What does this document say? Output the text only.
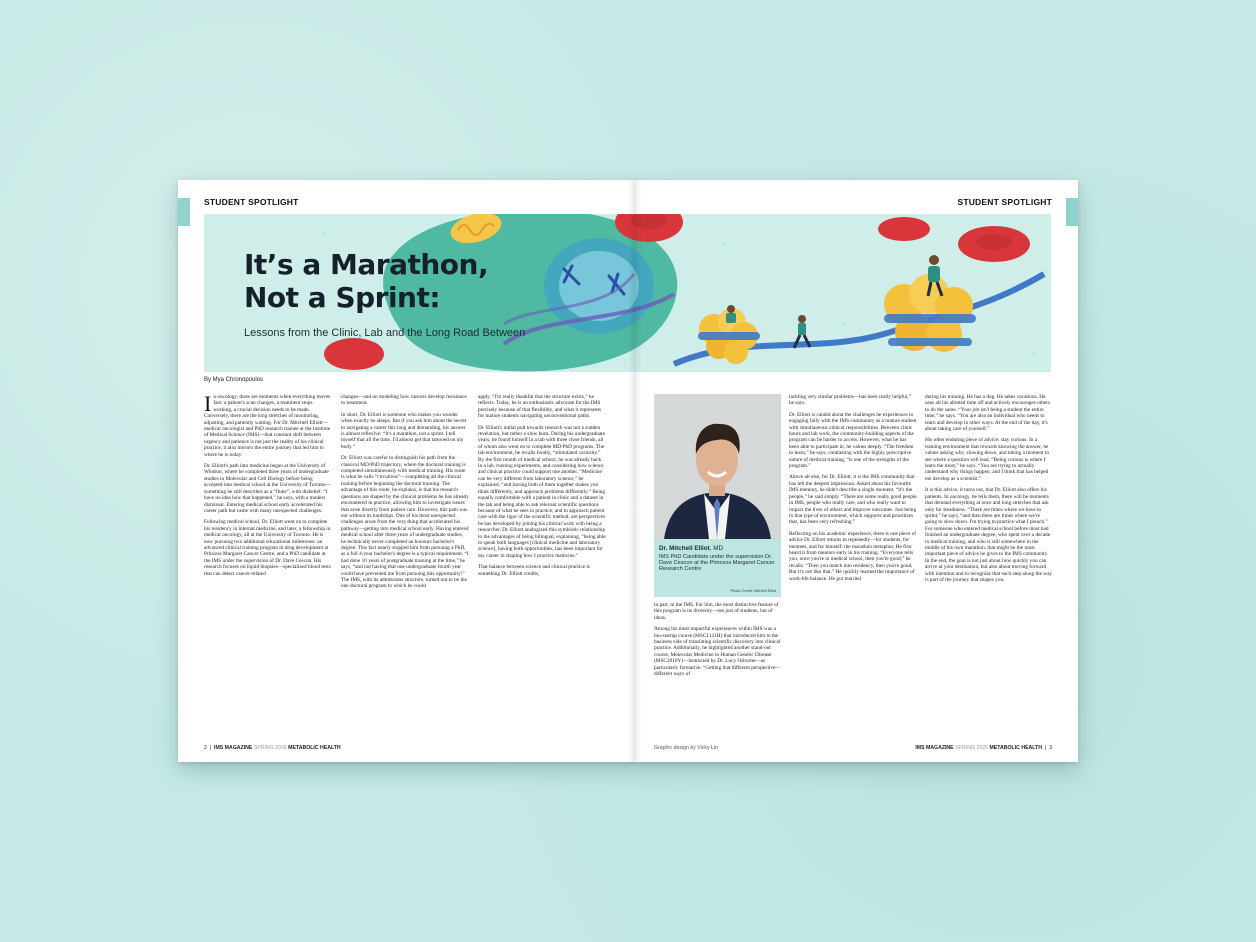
STUDENT SPOTLIGHT	STUDENT SPOTLIGHT
It’s a Marathon,
Not a Sprint:
Lessons from the Clinic, Lab and the Long Road Between
By Mya Chronopoulos

In oncology, there are moments when everything moves fast: a patient's scan changes, a treatment stops working, a crucial decision needs to be made. Conversely, there are the long stretches of monitoring, adjusting, and patiently waiting. For Dr. Mitchell Elliott—medical oncologist and PhD research trainee at the Institute of Medical Science (IMS)—that constant shift between urgency and patience is not just the reality of his clinical practice, it also mirrors the entire journey that led him to where he is today.

Dr. Elliott's path into medicine began at the University of Windsor, where he completed three years of undergraduate studies in Molecular and Cell Biology before being accepted into medical school at the University of Toronto—something he still describes as a “fluke”, with disbelief. “I have no idea how that happened,” he says, with a modest dismissal. Entering medical school early accelerated his career path but came with many unexpected challenges.

Following medical school, Dr. Elliott went on to complete his residency in internal medicine, and later, a fellowship in medical oncology, all at the University of Toronto. He is now pursuing two additional educational milestones: an advanced clinical training program in drug development at Princess Margaret Cancer Centre, and a PhD candidate at the IMS under the supervision of Dr. Dave Cescon. His research focuses on liquid biopsies—specialized blood tests that can detect cancer-related

changes—and on modeling how cancers develop resistance to treatment.

In short, Dr. Elliott is someone who makes you wonder when exactly he sleeps. But if you ask him about the secret to navigating a career this long and demanding, his answer is almost reflexive: “It's a marathon, not a sprint. I tell myself that all the time. I'd almost get that tattooed on my body.”

Dr. Elliott was careful to distinguish his path from the classical MD/PhD trajectory, where the doctoral training is completed simultaneously with medical training. His route is what he calls “circuitous”—completing all the clinical training before beginning the doctoral training. The advantage of this route, he explains, is that his research questions are shaped by the clinical problems he has already encountered in practice, allowing him to investigate issues that arise directly from patient care. However, this path was not without its hardships. One of his most unexpected challenges arose from the very thing that accelerated his pathway—getting into medical school early. Having entered medical school after three years of undergraduate studies, he technically never completed an honours bachelor's degree. This fact nearly stopped him from pursuing a PhD, as a full 4-year bachelor's degree is a typical requirement. “I had done 10 years of postgraduate training at the time,” he says, “and not having that one undergraduate fourth year could have prevented me from pursuing this opportunity!” The IMS, with its admissions structure, turned out to be the one doctoral program to which he could

apply. “I'm really thankful that the structure exists,” he reflects. Today, he is an enthusiastic advocate for the IMS precisely because of that flexibility, and what it represents for mature students navigating unconventional paths.

Dr. Elliott's initial pull towards research was not a sudden revelation, but rather a slow burn. During his undergraduate years, he found himself in a lab with three close friends, all of whom also went on to complete MD/PhD programs. The lab environment, he recalls fondly, “stimulated curiosity.” By the first month of medical school, he was already back in a lab, running experiments, and considering how science and clinical practice could support one another. “Medicine can be very different from laboratory science,” he explained, “and having both of them together makes you think differently, and approach problems differently.” Being equally comfortable with a patient in clinic and a dataset in the lab and being able to ask relevant scientific questions because of what he sees in practice, and to approach patient care with the rigor of the scientific method, are perspectives he has developed by joining his clinical work with being a researcher. Dr. Elliott analogized this symbiotic relationship to the advantages of being bilingual, explaining, “being able to speak both languages [clinical medicine and laboratory science], having both opportunities, has been important for my career in shaping how I practice medicine.”

That balance between science and clinical practice is something Dr. Elliott credits,

Dr. Mitchell Elliot, MD
IMS PhD Candidate under the supervision Dr. Dave Cescon at the Princess Margaret Cancer Research Centre
Photo Credit: Mitchell Elliot

in part, to the IMS. For him, the most distinctive feature of this program is its diversity—not just of students, but of ideas.

Among his most impactful experiences within IMS was a bio-startup course (MSC1121H) that introduced him to the business side of translating scientific discovery into clinical practice. Additionally, he highlighted another stand-out course, Molecular Medicine in Human Genetic Disease (MSC2010Y)—instructed by Dr. Lucy Osborne—as particularly formative. “Getting that different perspective—different ways of

tackling very similar problems—has been really helpful,” he says.

Dr. Elliott is candid about the challenges he experiences in engaging fully with the IMS community as a mature student with simultaneous clinical responsibilities. Between clinic hours and lab work, the community-building aspects of the program can be harder to access. However, what he has been able to participate in, he values deeply. “The freedom to learn,” he says, contrasting with the highly prescriptive nature of medical training, “is one of the strengths of the program.”

Above all else, for Dr. Elliott, it is the IMS community that has left the deepest impression. Asked about his favourite IMS memory, he didn't describe a single moment. “It's the people,” he said simply. “There are some really good people in IMS, people who really care, and who really want to impact the lives of others and improve outcomes. Just being in that type of environment, which supports and prioritizes that, has been very refreshing.”

Reflecting on his academic experience, there is one piece of advice Dr. Elliott returns to repeatedly—for students, for mentees, and for himself: the marathon metaphor. He first heard it from mentors early in his training. “Everyone tells you, once you're in medical school, then you're good,” he recalls. “Then you match into residency, then you're good. But it's not like that.” He quickly learned the importance of work-life balance. He got married

during his training. He has a dog. He takes vacations. He uses all his allotted time off and actively encourages others to do the same. “Your job isn't being a student the entire time,” he says. “You are also an individual who needs to learn and develop in other ways. At the end of the day, it's about taking care of yourself.”

His other enduring piece of advice: stay curious. In a training environment that rewards knowing the answer, he values asking why, slowing down, and taking a moment to see where a question will lead. “Being curious is where I learn the most,” he says. “You are trying to actually understand why things happen, and I think that has helped me develop as a scientist.”

It is this advice, it turns out, that Dr. Elliott also offers his patients. In oncology, he tells them, there will be moments that demand everything at once and long stretches that ask only for steadiness. “There are times where we have to sprint,” he says, “and then there are times where we're going to slow down. I'm trying to practice what I preach.” For someone who entered medical school before most had finished an undergraduate degree, who spent over a decade in medical training, and who is still somewhere in the middle of his own marathon, that might be the most important piece of advice he gives to the IMS community. In the end, the goal is not just about how quickly you can arrive at your destination, but also about moving forward with intention and to recognize that each step along the way is part of the journey that shapes you.

2  |  IMS MAGAZINE SPRING 2026 METABOLIC HEALTH	Graphic design by Vicky Lin	IMS MAGAZINE SPRING 2026 METABOLIC HEALTH  |  3
